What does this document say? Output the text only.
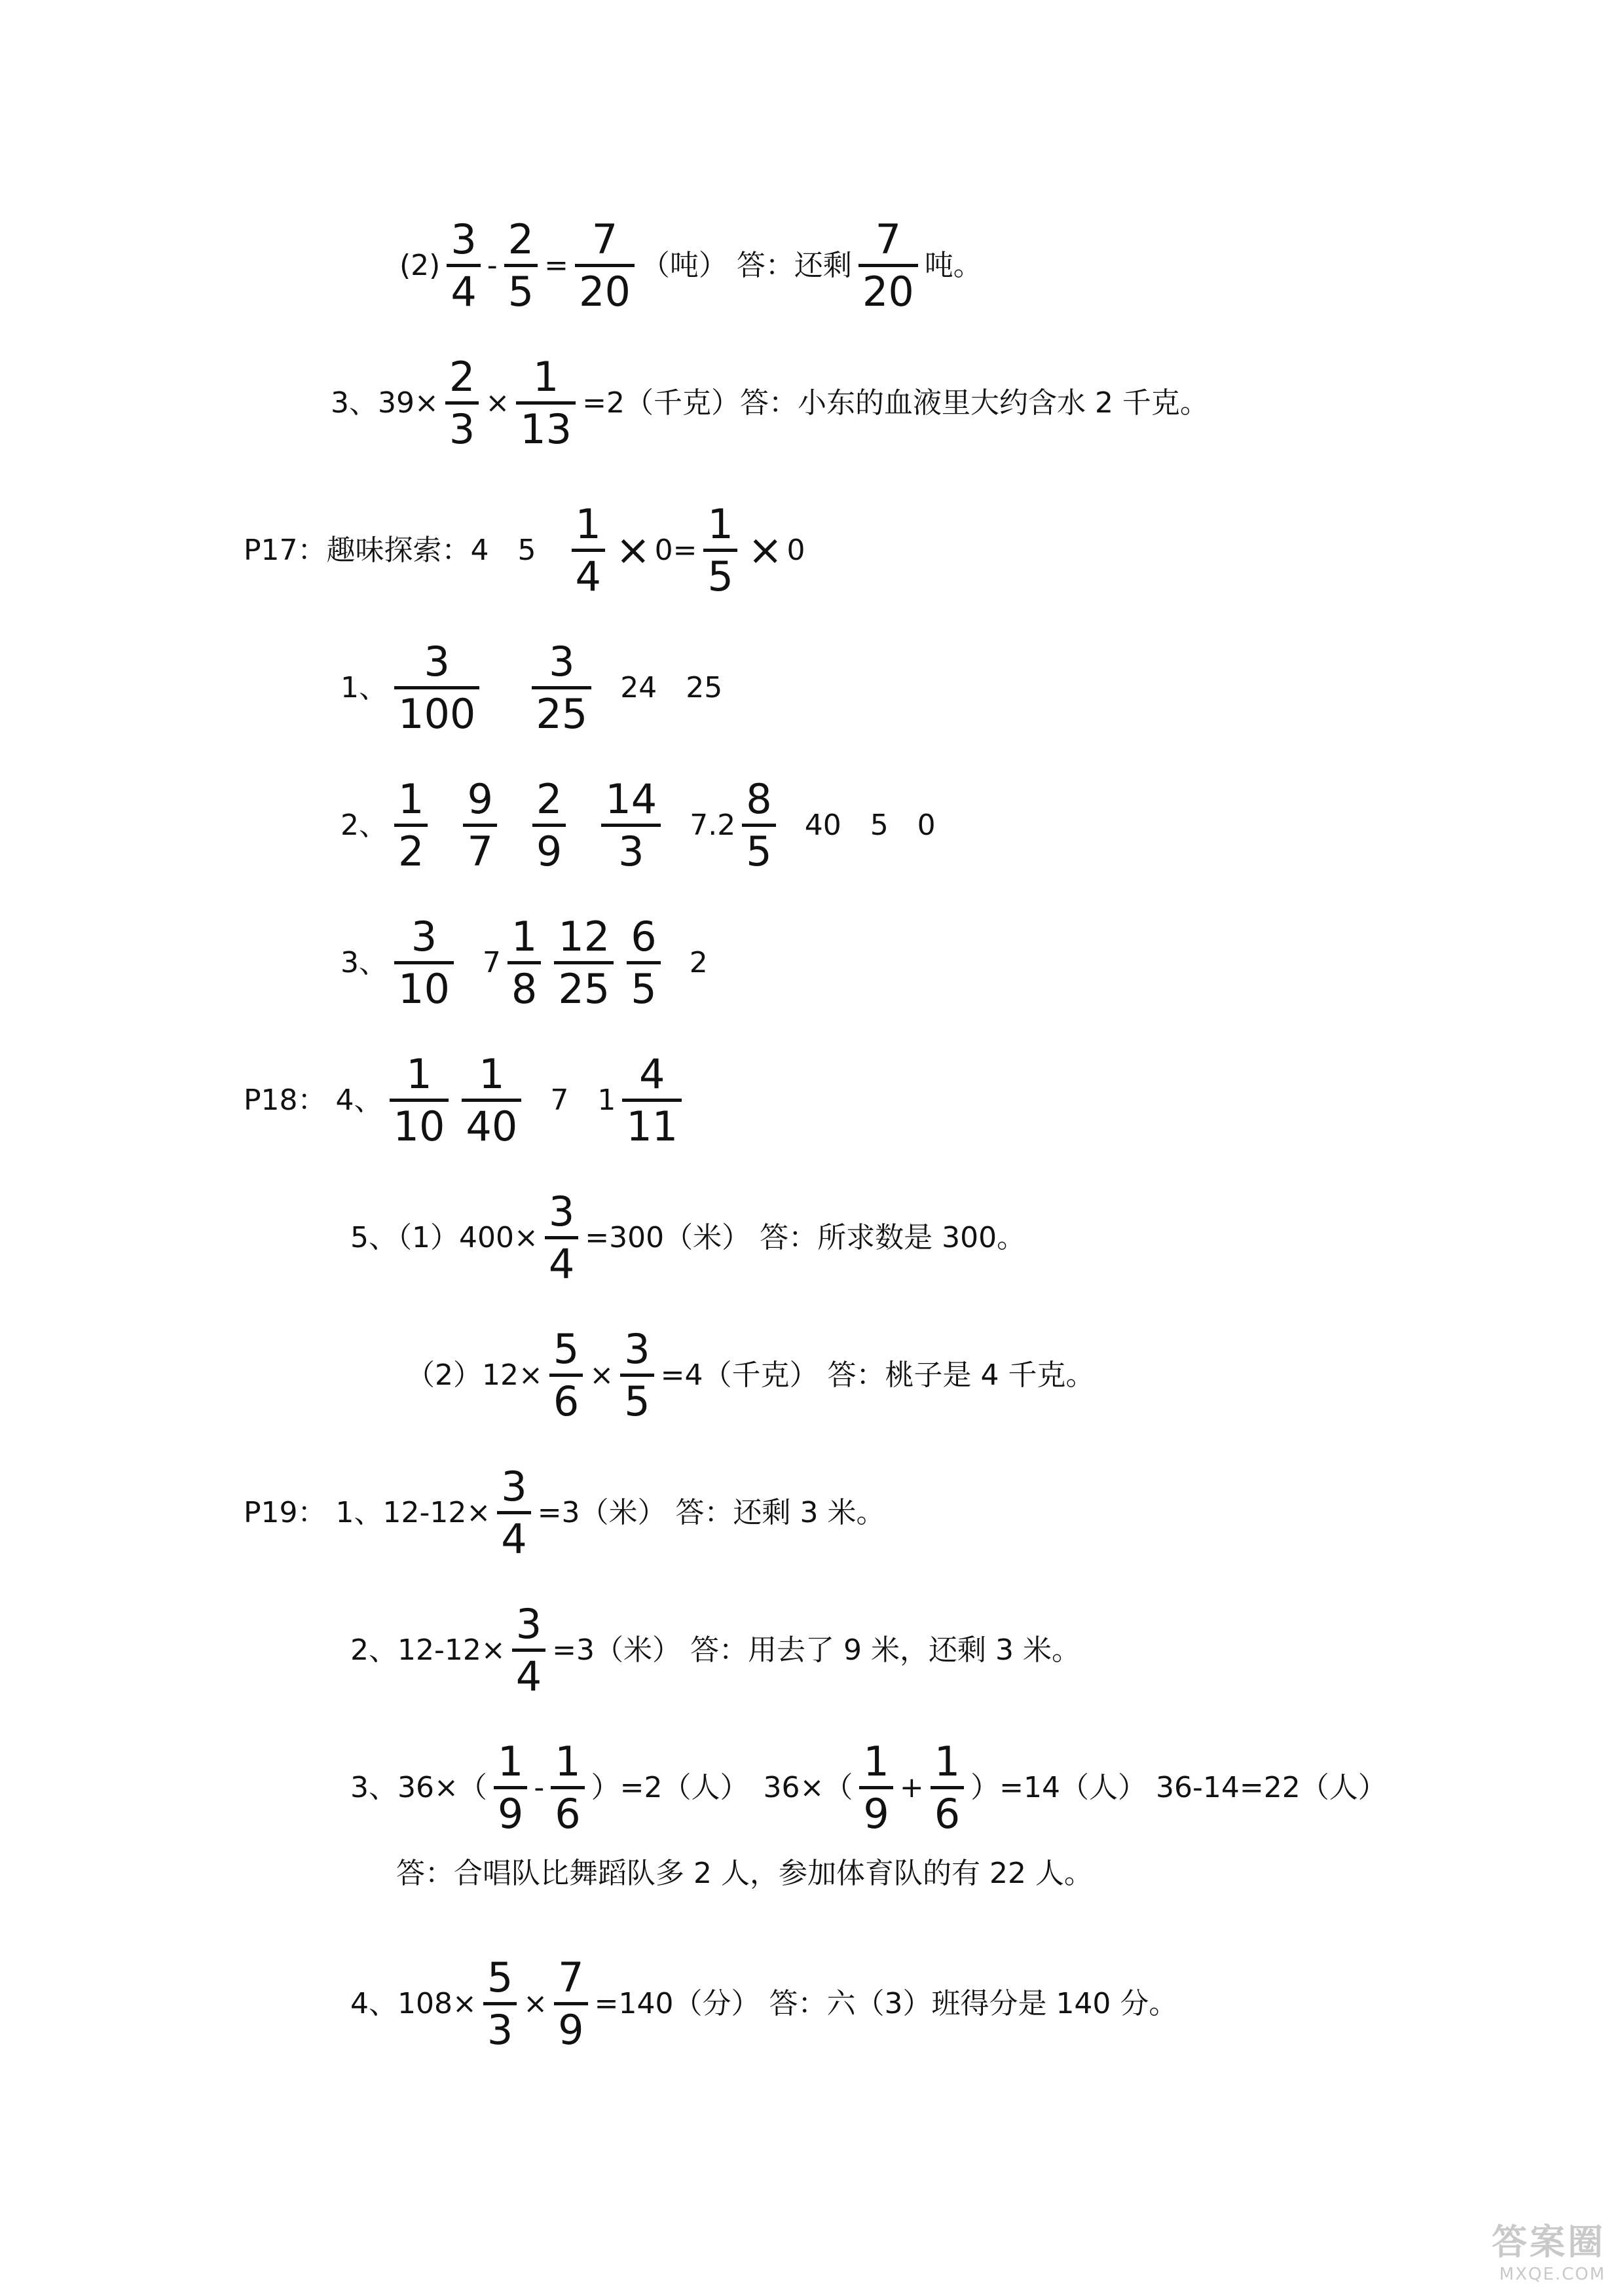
(2)
3
4
-
2
5
=
7
20
（吨） 答：还剩
7
20
吨。
3、39×
2
3
×
1
13
=2（千克）答：小东的血液里大约含水 2 千克。
P17：趣味探索：4　5　
1
4
× 0=
1
5
× 0
1、
3
100
3
25
24　25
2、
1
2
9
7
2
9
14
3
7.2
8
5
40　5　0
3、
3
10
7
1
8
12
25
6
5
2
P18： 4、
1
10
1
40
7　1
4
11
5、（1）400×
3
4
=300（米） 答：所求数是 300。
（2）12×
5
6
×
3
5
=4（千克） 答：桃子是 4 千克。
P19： 1、12-12×
3
4
=3（米） 答：还剩 3 米。
2、12-12×
3
4
=3（米） 答：用去了 9 米，还剩 3 米。
3、36×（
1
9
-
1
6
）=2（人）　36×（
1
9
+
1
6
）=14（人） 36-14=22（人）
答：合唱队比舞蹈队多 2 人，参加体育队的有 22 人。
4、108×
5
3
×
7
9
=140（分） 答：六（3）班得分是 140 分。
答案圈
MXQE.COM
